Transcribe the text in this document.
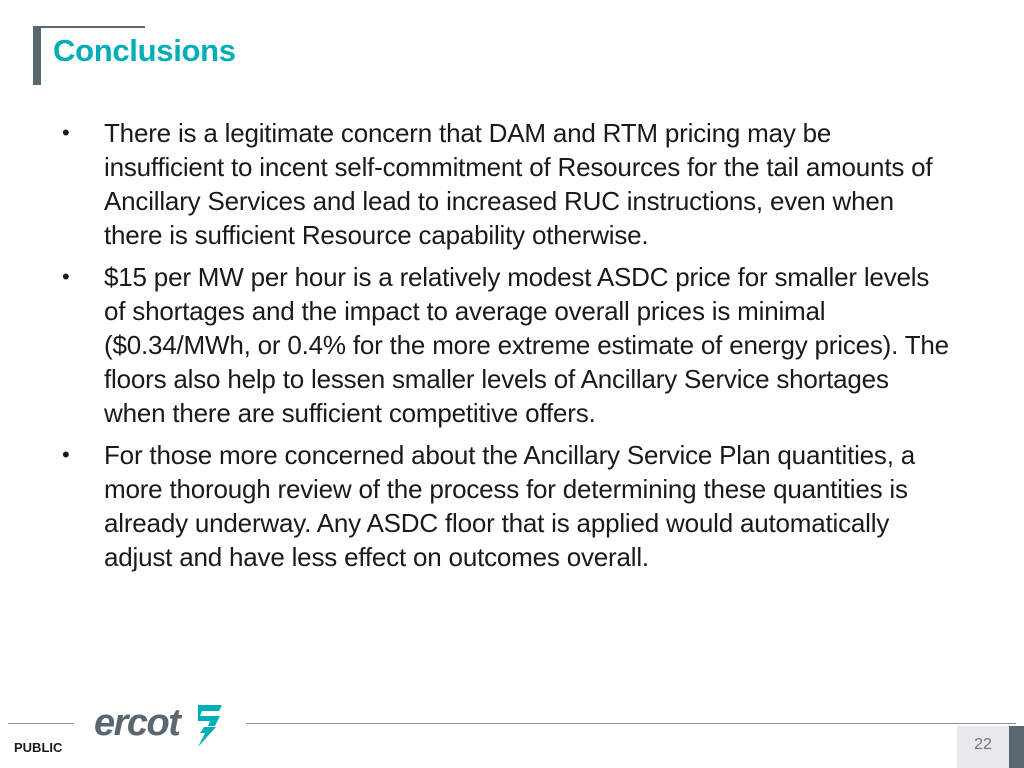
Conclusions
• There is a legitimate concern that DAM and RTM pricing may be insufficient to incent self-commitment of Resources for the tail amounts of Ancillary Services and lead to increased RUC instructions, even when there is sufficient Resource capability otherwise.
• $15 per MW per hour is a relatively modest ASDC price for smaller levels of shortages and the impact to average overall prices is minimal ($0.34/MWh, or 0.4% for the more extreme estimate of energy prices). The floors also help to lessen smaller levels of Ancillary Service shortages when there are sufficient competitive offers.
• For those more concerned about the Ancillary Service Plan quantities, a more thorough review of the process for determining these quantities is already underway. Any ASDC floor that is applied would automatically adjust and have less effect on outcomes overall.
PUBLIC
ercot
22
